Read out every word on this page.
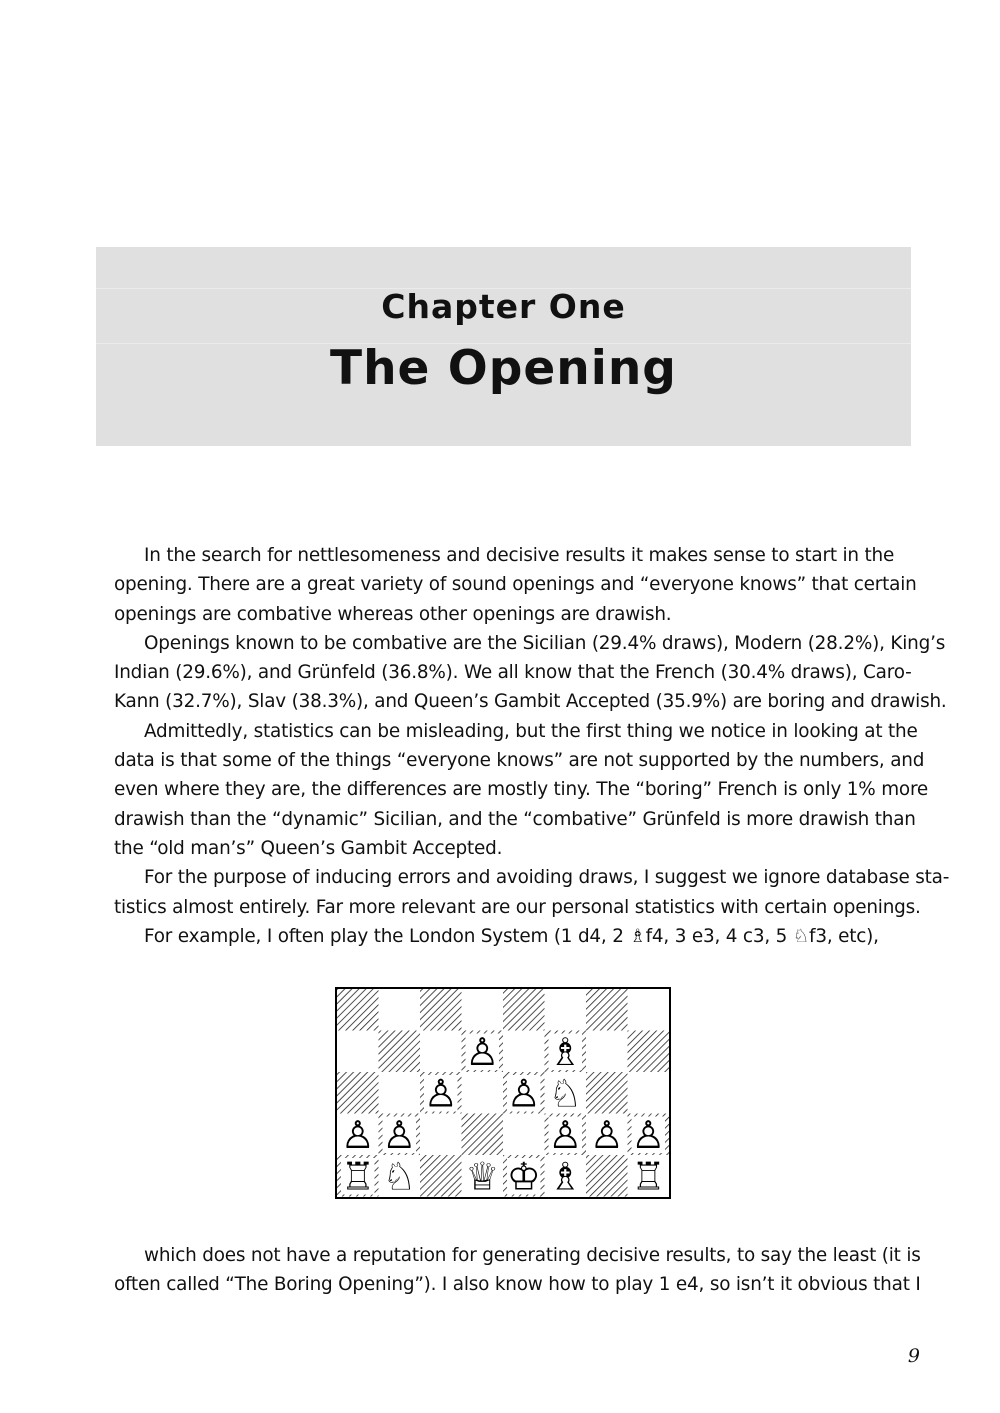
Chapter One
The Opening
In the search for nettlesomeness and decisive results it makes sense to start in the
opening. There are a great variety of sound openings and “everyone knows” that certain
openings are combative whereas other openings are drawish.
Openings known to be combative are the Sicilian (29.4% draws), Modern (28.2%), King’s
Indian (29.6%), and Grünfeld (36.8%). We all know that the French (30.4% draws), Caro-
Kann (32.7%), Slav (38.3%), and Queen’s Gambit Accepted (35.9%) are boring and drawish.
Admittedly, statistics can be misleading, but the first thing we notice in looking at the
data is that some of the things “everyone knows” are not supported by the numbers, and
even where they are, the differences are mostly tiny. The “boring” French is only 1% more
drawish than the “dynamic” Sicilian, and the “combative” Grünfeld is more drawish than
the “old man’s” Queen’s Gambit Accepted.
For the purpose of inducing errors and avoiding draws, I suggest we ignore database sta-
tistics almost entirely. Far more relevant are our personal statistics with certain openings.
For example, I often play the London System (1 d4, 2 ♗f4, 3 e3, 4 c3, 5 ♘f3, etc),
♙ ♗
♙ ♙ ♘
♙ ♙	♙ ♙ ♙
♖ ♘ ♕ ♔ ♗ ♖
which does not have a reputation for generating decisive results, to say the least (it is
often called “The Boring Opening”). I also know how to play 1 e4, so isn’t it obvious that I
9
